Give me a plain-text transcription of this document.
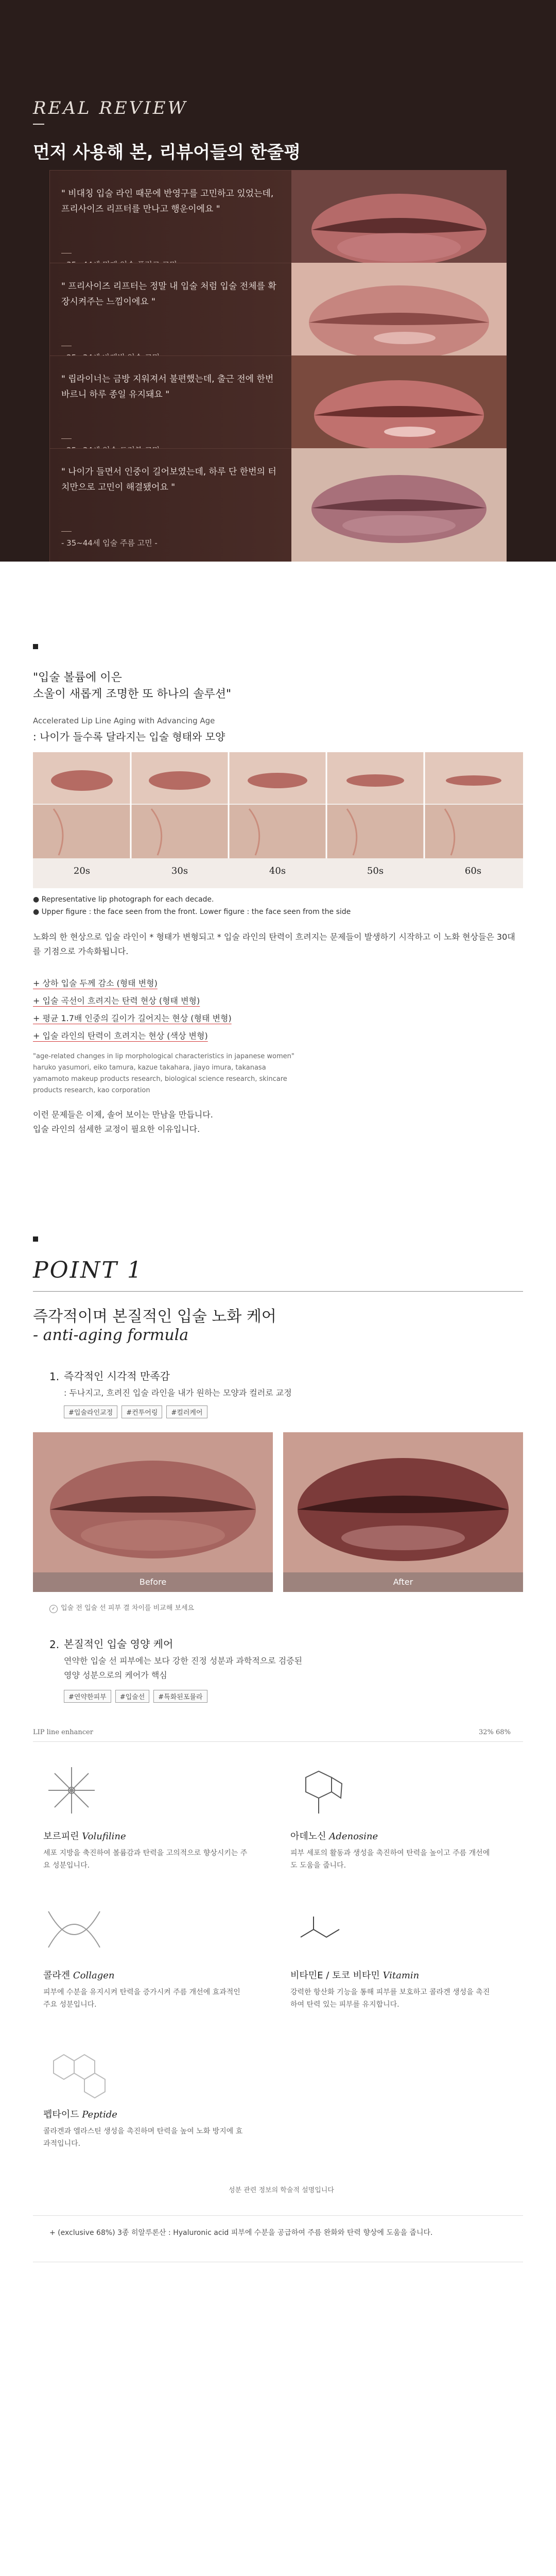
REAL REVIEW
먼저 사용해 본, 리뷰어들의 한줄평
" 비대칭 입술 라인 때문에 반영구를 고민하고 있었는데, 프리사이즈 리프터를 만나고 행운이에요 "
" 프리사이즈 리프터는 정말 내 입술 처럼 입술 전체를 확장시켜주는 느낌이에요 "
" 립라이너는 금방 지워져서 불편했는데, 출근 전에 한번 바르니 하루 종일 유지돼요 "
" 나이가 들면서 인중이 길어보였는데, 하루 단 한번의 터치만으로 고민이 해결됐어요 "
- 35~44세 입술 주름 고민 -
"입술 볼륨에 이은
소울이 새롭게 조명한 또 하나의 솔루션"
Accelerated Lip Line Aging with Advancing Age
: 나이가 들수록 달라지는 입술 형태와 모양
20s	30s	40s	50s	60s
● Representative lip photograph for each decade.
● Upper figure : the face seen from the front. Lower figure : the face seen from the side
노화의 한 현상으로 입술 라인이 * 형태가 변형되고 * 입술 라인의 탄력이 흐려지는 문제들이 발생하기 시작하고 이 노화 현상들은 30대를 기점으로 가속화됩니다.
+ 상하 입술 두께 감소 (형태 변형)
+ 입술 곡선이 흐려지는 탄력 현상 (형태 변형)
+ 평균 1.7배 인중의 길이가 길어지는 현상 (형태 변형)
+ 입술 라인의 탄력이 흐려지는 현상 (색상 변형)
"age-related changes in lip morphological characteristics in japanese women" haruko yasumori, eiko tamura, kazue takahara, jiayo imura, takanasa yamamoto makeup products research, biological science research, skincare products research, kao corporation
이런 문제들은 이제, 솔어 보이는 만남을 만듭니다.
입술 라인의 섬세한 교정이 필요한 이유입니다.
POINT 1
즉각적이며 본질적인 입술 노화 케어
- anti-aging formula
1. 즉각적인 시각적 만족감
: 두나지고, 흐려진 입술 라인을 내가 원하는 모양과 컬러로 교정
#입술라인교정	#컨투어링	#컬러케어
Before	After
✓ 입술 전 입술 선 피부 결 차이를 비교해 보세요
2. 본질적인 입술 영양 케어
연약한 입술 선 피부에는 보다 강한 진정 성분과 과학적으로 검증된 영양 성분으로의 케어가 핵심
#연약한피부	#입술선	#특화된포뮬라
LIP line enhancer	32% 68%
보르피린 Volufiline
세포 지방을 축진하여 볼륨감과 탄력을 고의적으로 향상시키는 주요 성분입니다.
아데노신 Adenosine
피부 세포의 활동과 생성을 촉진하여 탄력을 높이고 주름 개선에도 도움을 줍니다.
콜라겐 Collagen
피부에 수분을 유지시켜 탄력을 증가시켜 주름 개선에 효과적인 주요 성분입니다.
비타민E / 토코 비타민 Vitamin
강력한 항산화 기능을 통해 피부를 보호하고 콜라겐 생성을 촉진하여 탄력 있는 피부를 유지합니다.
펩타이드 Peptide
콜라겐과 엘라스틴 생성을 촉진하며 탄력을 높여 노화 방지에 효과적입니다.
성분 관련 정보의 학술적 설명입니다
+ (exclusive 68%) 3종 히알루론산 : Hyaluronic acid 피부에 수분을 공급하여 주름 완화와 탄력 향상에 도움을 줍니다.
